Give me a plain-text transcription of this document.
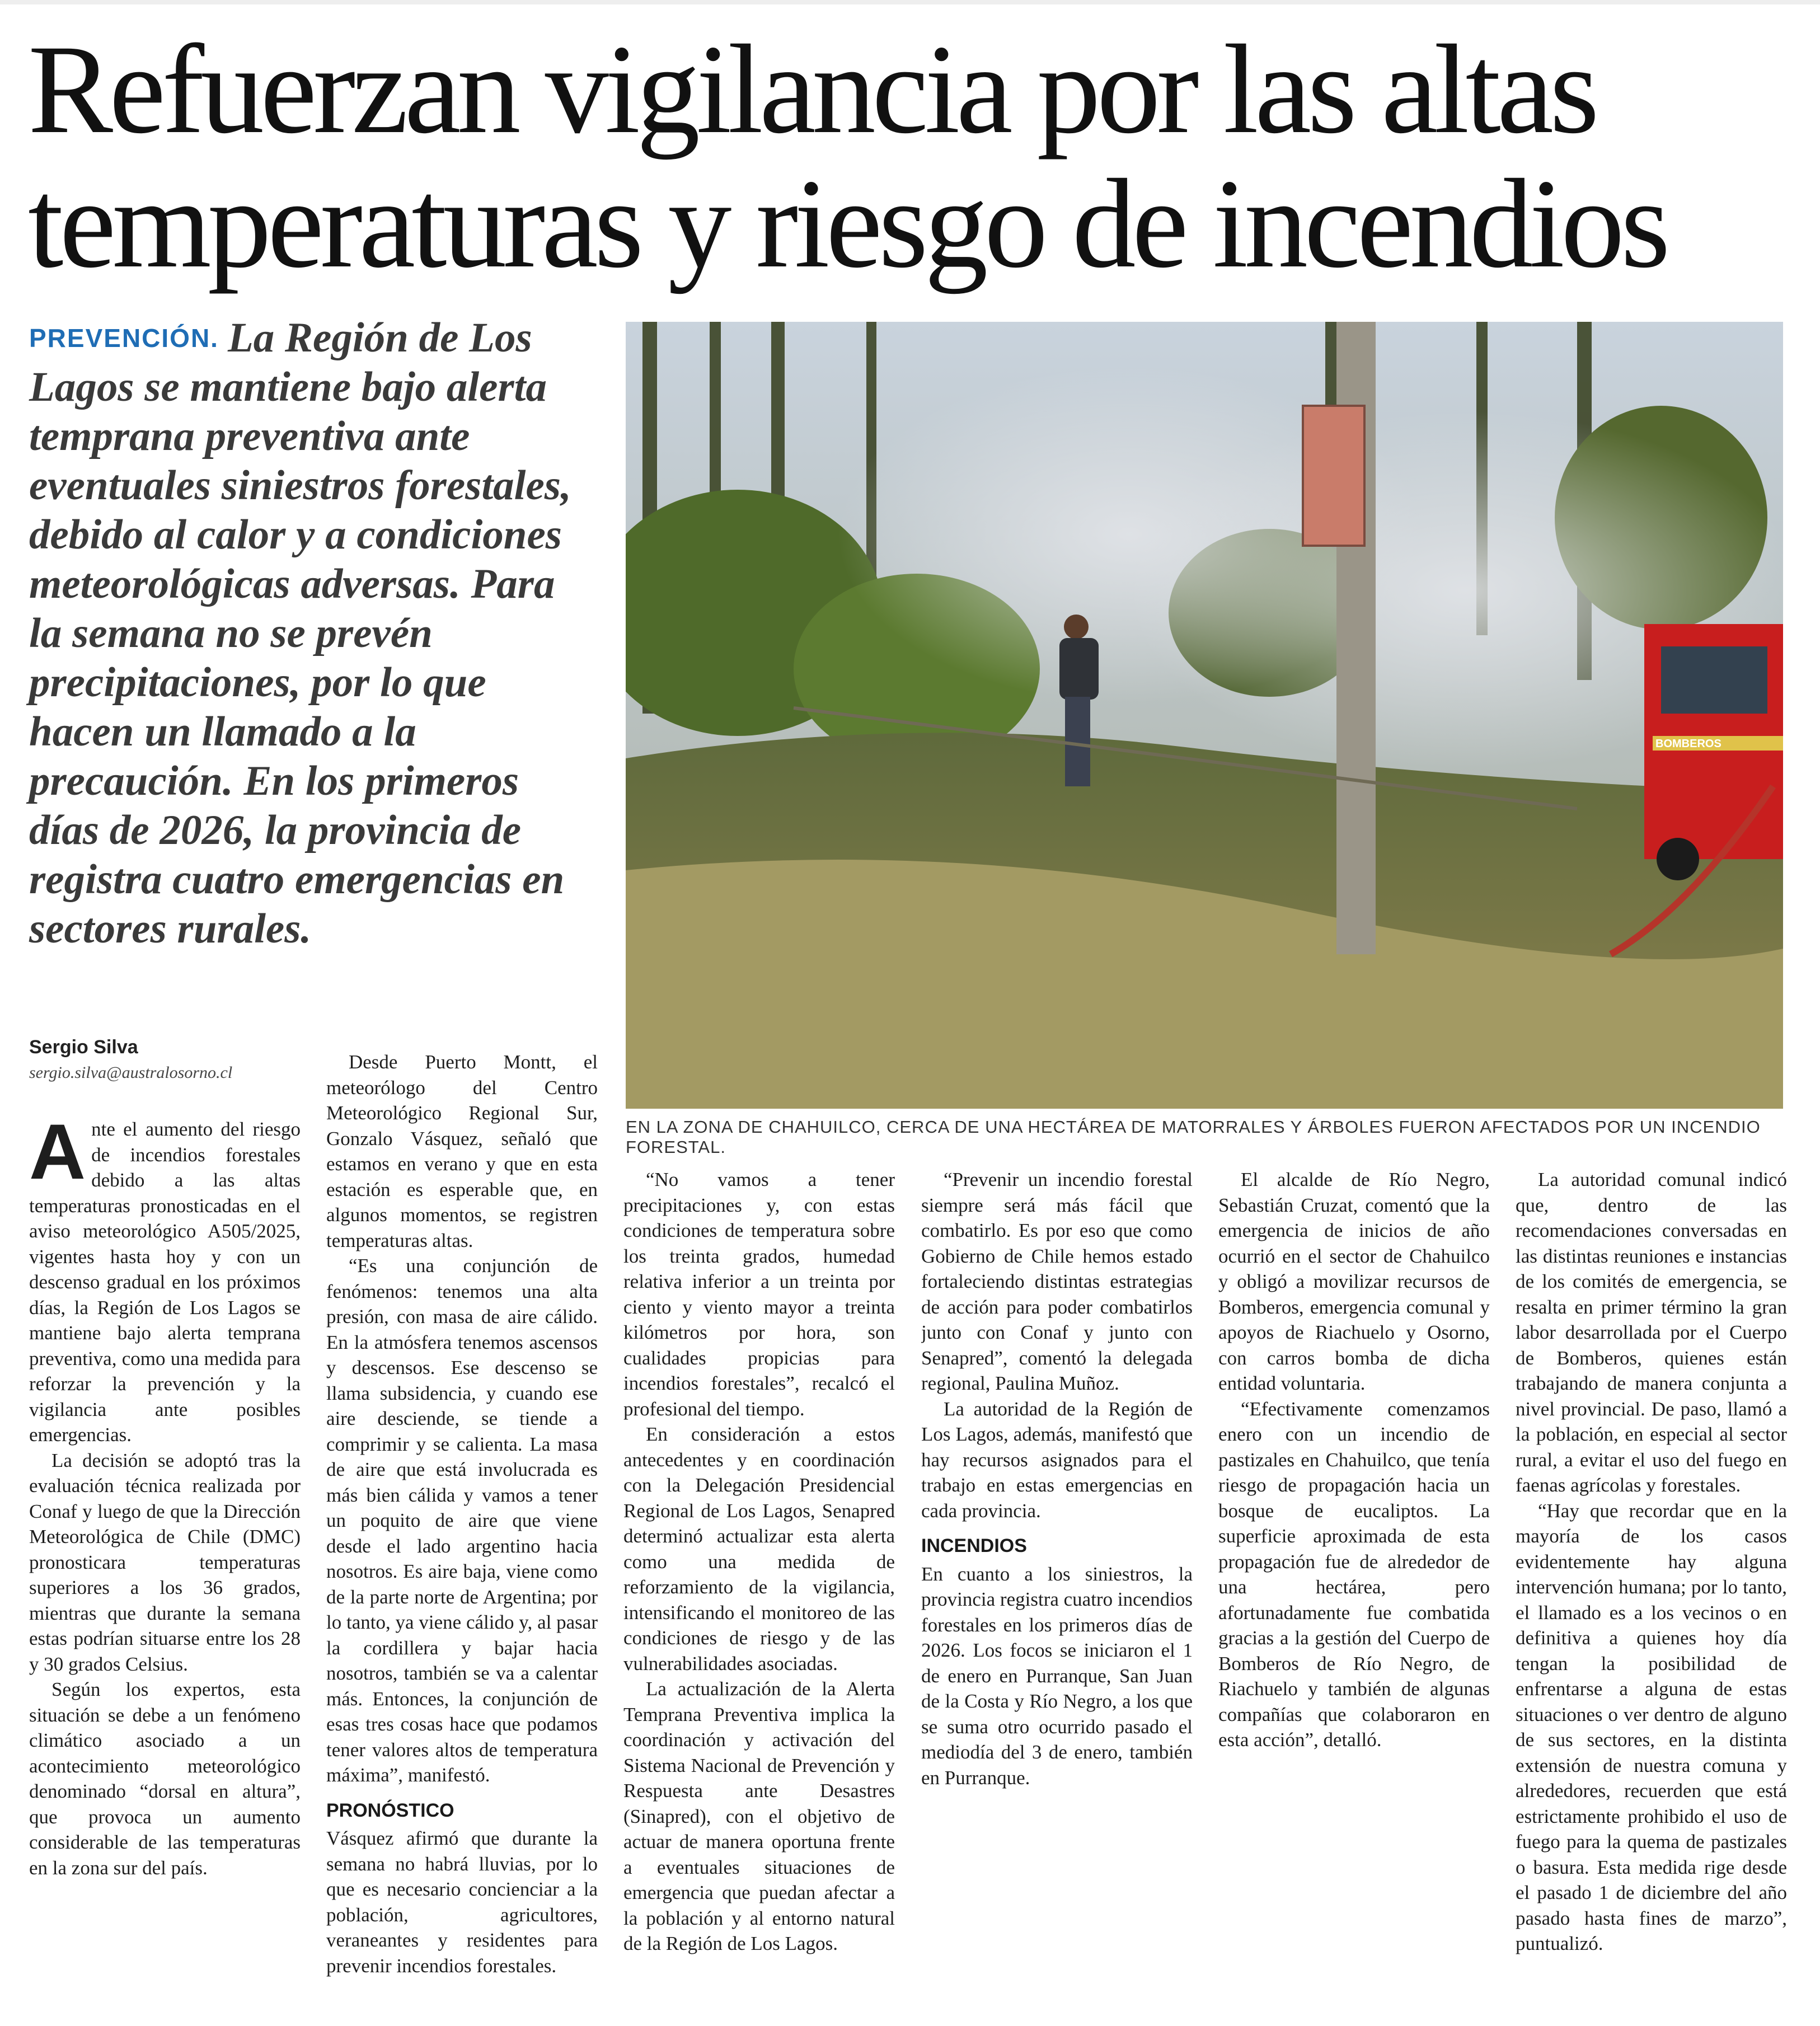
Refuerzan vigilancia por las altas temperaturas y riesgo de incendios

PREVENCIÓN. La Región de Los Lagos se mantiene bajo alerta temprana preventiva ante eventuales siniestros forestales, debido al calor y a condiciones meteorológicas adversas. Para la semana no se prevén precipitaciones, por lo que hacen un llamado a la precaución. En los primeros días de 2026, la provincia de registra cuatro emergencias en sectores rurales.

BOMBEROS
EN LA ZONA DE CHAHUILCO, CERCA DE UNA HECTÁREA DE MATORRALES Y ÁRBOLES FUERON AFECTADOS POR UN INCENDIO FORESTAL.
Sergio Silva
sergio.silva@australosorno.cl

Ante el aumento del riesgo de incendios forestales debido a las altas temperaturas pronosticadas en el aviso meteorológico A505/2025, vigentes hasta hoy y con un descenso gradual en los próximos días, la Región de Los Lagos se mantiene bajo alerta temprana preventiva, como una medida para reforzar la prevención y la vigilancia ante posibles emergencias.

La decisión se adoptó tras la evaluación técnica realizada por Conaf y luego de que la Dirección Meteorológica de Chile (DMC) pronosticara temperaturas superiores a los 36 grados, mientras que durante la semana estas podrían situarse entre los 28 y 30 grados Celsius.

Según los expertos, esta situación se debe a un fenómeno climático asociado a un acontecimiento meteorológico denominado “dorsal en altura”, que provoca un aumento considerable de las temperaturas en la zona sur del país.

Desde Puerto Montt, el meteorólogo del Centro Meteorológico Regional Sur, Gonzalo Vásquez, señaló que estamos en verano y que en esta estación es esperable que, en algunos momentos, se registren temperaturas altas.

“Es una conjunción de fenómenos: tenemos una alta presión, con masa de aire cálido. En la atmósfera tenemos ascensos y descensos. Ese descenso se llama subsidencia, y cuando ese aire desciende, se tiende a comprimir y se calienta. La masa de aire que está involucrada es más bien cálida y vamos a tener un poquito de aire que viene desde el lado argentino hacia nosotros. Es aire baja, viene como de la parte norte de Argentina; por lo tanto, ya viene cálido y, al pasar la cordillera y bajar hacia nosotros, también se va a calentar más. Entonces, la conjunción de esas tres cosas hace que podamos tener valores altos de temperatura máxima”, manifestó.

PRONÓSTICO

Vásquez afirmó que durante la semana no habrá lluvias, por lo que es necesario concienciar a la población, agricultores, veraneantes y residentes para prevenir incendios forestales.

“No vamos a tener precipitaciones y, con estas condiciones de temperatura sobre los treinta grados, humedad relativa inferior a un treinta por ciento y viento mayor a treinta kilómetros por hora, son cualidades propicias para incendios forestales”, recalcó el profesional del tiempo.

En consideración a estos antecedentes y en coordinación con la Delegación Presidencial Regional de Los Lagos, Senapred determinó actualizar esta alerta como una medida de reforzamiento de la vigilancia, intensificando el monitoreo de las condiciones de riesgo y de las vulnerabilidades asociadas.

La actualización de la Alerta Temprana Preventiva implica la coordinación y activación del Sistema Nacional de Prevención y Respuesta ante Desastres (Sinapred), con el objetivo de actuar de manera oportuna frente a eventuales situaciones de emergencia que puedan afectar a la población y al entorno natural de la Región de Los Lagos.

“Prevenir un incendio forestal siempre será más fácil que combatirlo. Es por eso que como Gobierno de Chile hemos estado fortaleciendo distintas estrategias de acción para poder combatirlos junto con Conaf y junto con Senapred”, comentó la delegada regional, Paulina Muñoz.

La autoridad de la Región de Los Lagos, además, manifestó que hay recursos asignados para el trabajo en estas emergencias en cada provincia.

INCENDIOS

En cuanto a los siniestros, la provincia registra cuatro incendios forestales en los primeros días de 2026. Los focos se iniciaron el 1 de enero en Purranque, San Juan de la Costa y Río Negro, a los que se suma otro ocurrido pasado el mediodía del 3 de enero, también en Purranque.

El alcalde de Río Negro, Sebastián Cruzat, comentó que la emergencia de inicios de año ocurrió en el sector de Chahuilco y obligó a movilizar recursos de Bomberos, emergencia comunal y apoyos de Riachuelo y Osorno, con carros bomba de dicha entidad voluntaria.

“Efectivamente comenzamos enero con un incendio de pastizales en Chahuilco, que tenía riesgo de propagación hacia un bosque de eucaliptos. La superficie aproximada de esta propagación fue de alrededor de una hectárea, pero afortunadamente fue combatida gracias a la gestión del Cuerpo de Bomberos de Río Negro, de Riachuelo y también de algunas compañías que colaboraron en esta acción”, detalló.

La autoridad comunal indicó que, dentro de las recomendaciones conversadas en las distintas reuniones e instancias de los comités de emergencia, se resalta en primer término la gran labor desarrollada por el Cuerpo de Bomberos, quienes están trabajando de manera conjunta a nivel provincial. De paso, llamó a la población, en especial al sector rural, a evitar el uso del fuego en faenas agrícolas y forestales.

“Hay que recordar que en la mayoría de los casos evidentemente hay alguna intervención humana; por lo tanto, el llamado es a los vecinos o en definitiva a quienes hoy día tengan la posibilidad de enfrentarse a alguna de estas situaciones o ver dentro de alguno de sus sectores, en la distinta extensión de nuestra comuna y alrededores, recuerden que está estrictamente prohibido el uso de fuego para la quema de pastizales o basura. Esta medida rige desde el pasado 1 de diciembre del año pasado hasta fines de marzo”, puntualizó.
